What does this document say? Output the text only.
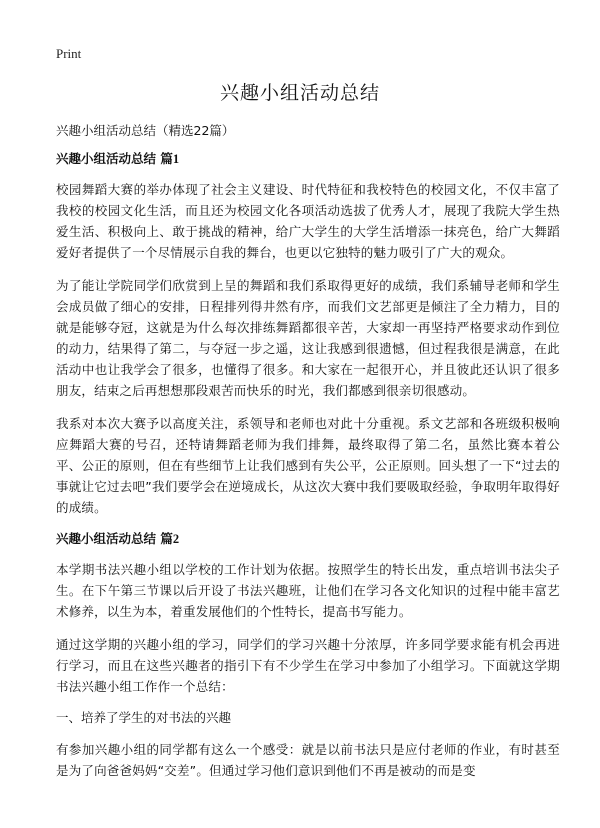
Print
兴趣小组活动总结

兴趣小组活动总结（精选22篇）

兴趣小组活动总结 篇1

校园舞蹈大赛的举办体现了社会主义建设、时代特征和我校特色的校园文化，不仅丰富了我校的校园文化生活，而且还为校园文化各项活动选拔了优秀人才，展现了我院大学生热爱生活、积极向上、敢于挑战的精神，给广大学生的大学生活增添一抹亮色，给广大舞蹈爱好者提供了一个尽情展示自我的舞台，也更以它独特的魅力吸引了广大的观众。

为了能让学院同学们欣赏到上呈的舞蹈和我们系取得更好的成绩，我们系辅导老师和学生会成员做了细心的安排，日程排列得井然有序，而我们文艺部更是倾注了全力精力，目的就是能够夺冠，这就是为什么每次排练舞蹈都很辛苦，大家却一再坚持严格要求动作到位的动力，结果得了第二，与夺冠一步之遥，这让我感到很遗憾，但过程我很是满意，在此活动中也让我学会了很多，也懂得了很多。和大家在一起很开心，并且彼此还认识了很多朋友，结束之后再想想那段艰苦而快乐的时光，我们都感到很亲切很感动。

我系对本次大赛予以高度关注，系领导和老师也对此十分重视。系文艺部和各班级积极响应舞蹈大赛的号召，还特请舞蹈老师为我们排舞，最终取得了第二名，虽然比赛本着公平、公正的原则，但在有些细节上让我们感到有失公平，公正原则。回头想了一下“过去的事就让它过去吧”我们要学会在逆境成长，从这次大赛中我们要吸取经验，争取明年取得好的成绩。

兴趣小组活动总结 篇2

本学期书法兴趣小组以学校的工作计划为依据。按照学生的特长出发，重点培训书法尖子生。在下午第三节课以后开设了书法兴趣班，让他们在学习各文化知识的过程中能丰富艺术修养，以生为本，着重发展他们的个性特长，提高书写能力。

通过这学期的兴趣小组的学习，同学们的学习兴趣十分浓厚，许多同学要求能有机会再进行学习，而且在这些兴趣者的指引下有不少学生在学习中参加了小组学习。下面就这学期书法兴趣小组工作作一个总结：

一、培养了学生的对书法的兴趣

有参加兴趣小组的同学都有这么一个感受：就是以前书法只是应付老师的作业，有时甚至是为了向爸爸妈妈“交差”。但通过学习他们意识到他们不再是被动的而是变
